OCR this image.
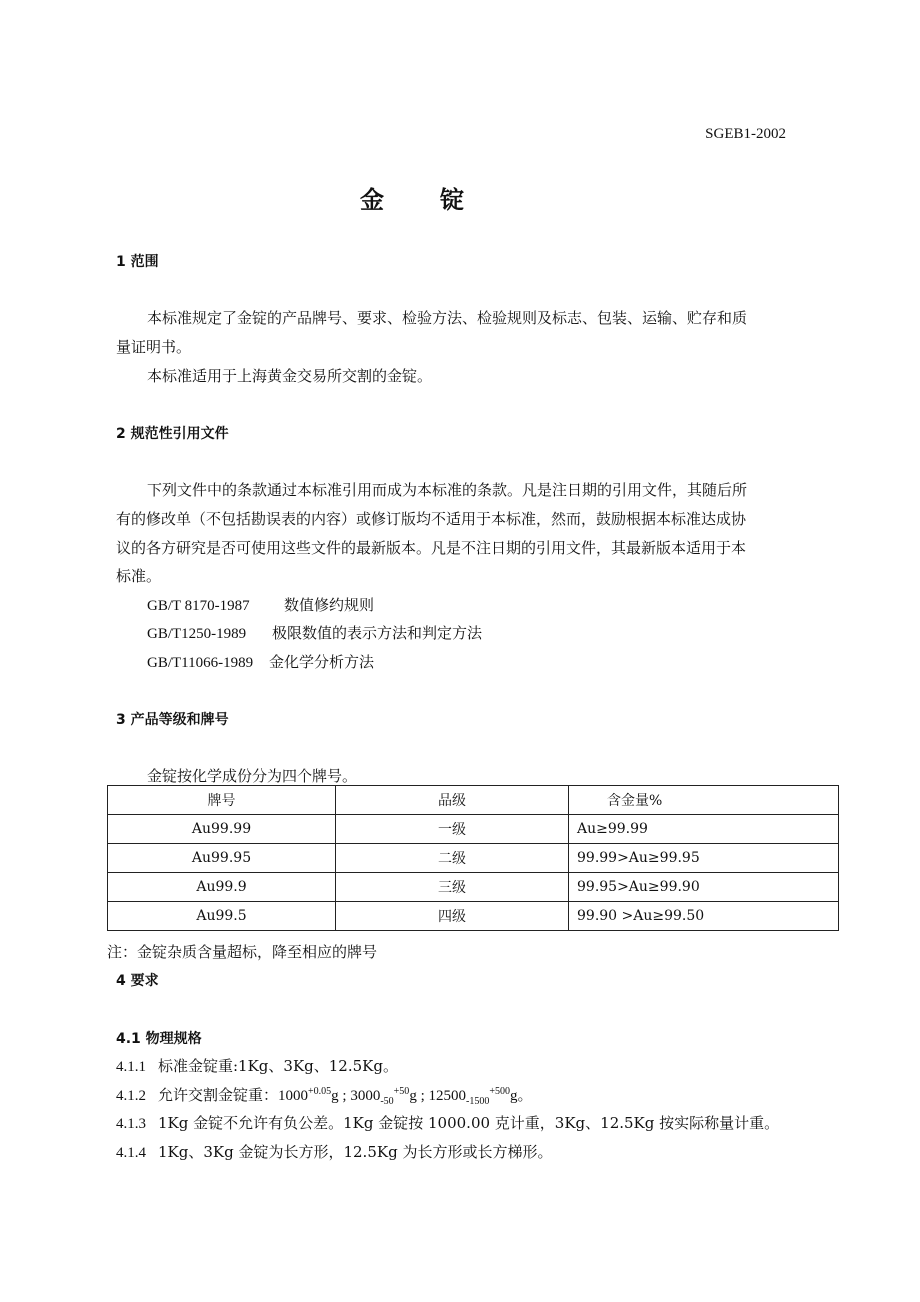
SGEB1-2002
金 锭
1 范围
本标准规定了金锭的产品牌号、要求、检验方法、检验规则及标志、包装、运输、贮存和质
量证明书。
本标准适用于上海黄金交易所交割的金锭。
2 规范性引用文件
下列文件中的条款通过本标准引用而成为本标准的条款。凡是注日期的引用文件，其随后所
有的修改单（不包括勘误表的内容）或修订版均不适用于本标准，然而，鼓励根据本标准达成协
议的各方研究是否可使用这些文件的最新版本。凡是不注日期的引用文件，其最新版本适用于本
标准。
GB/T 8170-1987 数值修约规则
GB/T1250-1989 极限数值的表示方法和判定方法
GB/T11066-1989 金化学分析方法
3 产品等级和牌号
金锭按化学成份分为四个牌号。
牌号	品级	含金量%
Au99.99	一级	Au≥99.99
Au99.95	二级	99.99>Au≥99.95
Au99.9	三级	99.95>Au≥99.90
Au99.5	四级	99.90 >Au≥99.50
注：金锭杂质含量超标，降至相应的牌号
4 要求
4.1 物理规格
4.1.1 标准金锭重:1Kg、3Kg、12.5Kg。
4.1.2 允许交割金锭重：$1000^{+0.05}g$ ; $3000_{-50}^{+50}g$ ; $12500_{-1500}^{+500}g$。
4.1.3 1Kg 金锭不允许有负公差。1Kg 金锭按 1000.00 克计重，3Kg、12.5Kg 按实际称量计重。
4.1.4 1Kg、3Kg 金锭为长方形，12.5Kg 为长方形或长方梯形。
